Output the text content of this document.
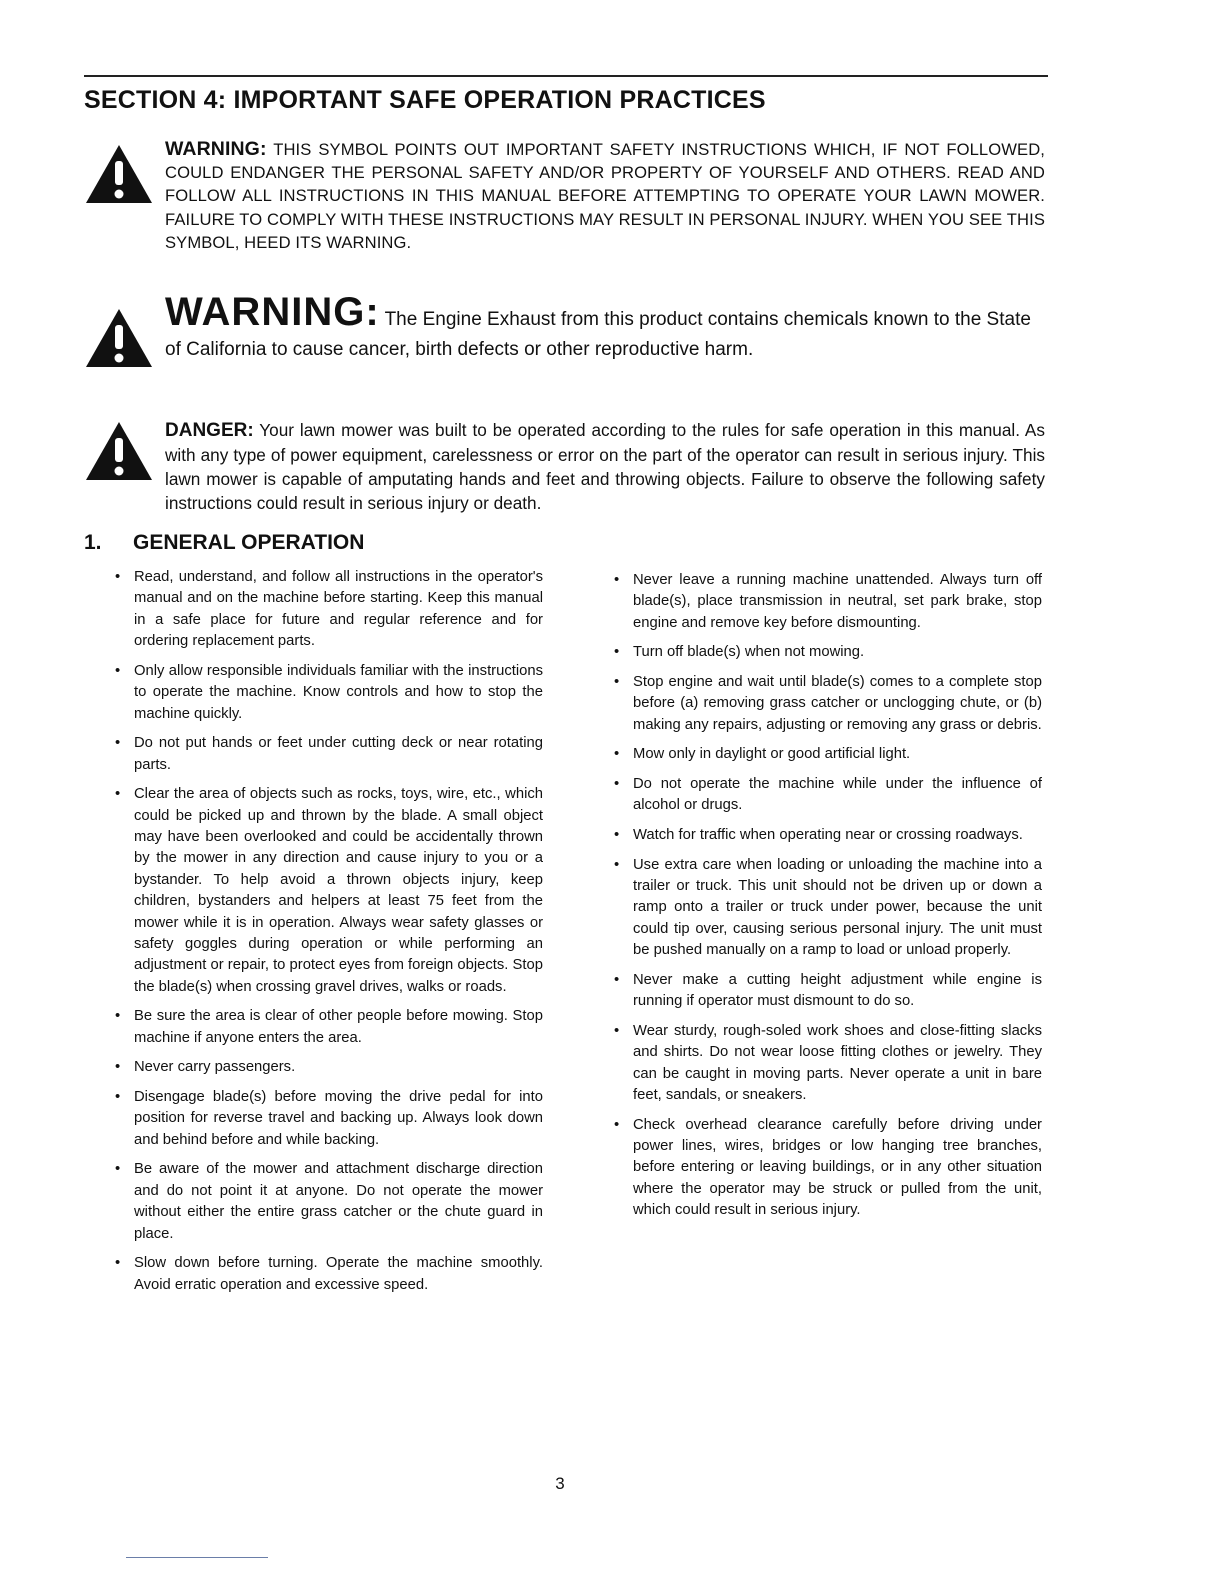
SECTION 4: IMPORTANT SAFE OPERATION PRACTICES

WARNING: THIS SYMBOL POINTS OUT IMPORTANT SAFETY INSTRUCTIONS WHICH, IF NOT FOLLOWED, COULD ENDANGER THE PERSONAL SAFETY AND/OR PROPERTY OF YOURSELF AND OTHERS. READ AND FOLLOW ALL INSTRUCTIONS IN THIS MANUAL BEFORE ATTEMPTING TO OPERATE YOUR LAWN MOWER. FAILURE TO COMPLY WITH THESE INSTRUCTIONS MAY RESULT IN PERSONAL INJURY. WHEN YOU SEE THIS SYMBOL, HEED ITS WARNING.

WARNING: The Engine Exhaust from this product contains chemicals known to the State of California to cause cancer, birth defects or other reproductive harm.

DANGER: Your lawn mower was built to be operated according to the rules for safe operation in this manual. As with any type of power equipment, carelessness or error on the part of the operator can result in serious injury. This lawn mower is capable of amputating hands and feet and throwing objects. Failure to observe the following safety instructions could result in serious injury or death.

1. GENERAL OPERATION
• Read, understand, and follow all instructions in the operator's manual and on the machine before starting. Keep this manual in a safe place for future and regular reference and for ordering replacement parts.
• Only allow responsible individuals familiar with the instructions to operate the machine. Know controls and how to stop the machine quickly.
• Do not put hands or feet under cutting deck or near rotating parts.
• Clear the area of objects such as rocks, toys, wire, etc., which could be picked up and thrown by the blade. A small object may have been overlooked and could be accidentally thrown by the mower in any direction and cause injury to you or a bystander. To help avoid a thrown objects injury, keep children, bystanders and helpers at least 75 feet from the mower while it is in operation. Always wear safety glasses or safety goggles during operation or while performing an adjustment or repair, to protect eyes from foreign objects. Stop the blade(s) when crossing gravel drives, walks or roads.
• Be sure the area is clear of other people before mowing. Stop machine if anyone enters the area.
• Never carry passengers.
• Disengage blade(s) before moving the drive pedal for into position for reverse travel and backing up. Always look down and behind before and while backing.
• Be aware of the mower and attachment discharge direction and do not point it at anyone. Do not operate the mower without either the entire grass catcher or the chute guard in place.
• Slow down before turning. Operate the machine smoothly. Avoid erratic operation and excessive speed.
• Never leave a running machine unattended. Always turn off blade(s), place transmission in neutral, set park brake, stop engine and remove key before dismounting.
• Turn off blade(s) when not mowing.
• Stop engine and wait until blade(s) comes to a complete stop before (a) removing grass catcher or unclogging chute, or (b) making any repairs, adjusting or removing any grass or debris.
• Mow only in daylight or good artificial light.
• Do not operate the machine while under the influence of alcohol or drugs.
• Watch for traffic when operating near or crossing roadways.
• Use extra care when loading or unloading the machine into a trailer or truck. This unit should not be driven up or down a ramp onto a trailer or truck under power, because the unit could tip over, causing serious personal injury. The unit must be pushed manually on a ramp to load or unload properly.
• Never make a cutting height adjustment while engine is running if operator must dismount to do so.
• Wear sturdy, rough-soled work shoes and close-fitting slacks and shirts. Do not wear loose fitting clothes or jewelry. They can be caught in moving parts. Never operate a unit in bare feet, sandals, or sneakers.
• Check overhead clearance carefully before driving under power lines, wires, bridges or low hanging tree branches, before entering or leaving buildings, or in any other situation where the operator may be struck or pulled from the unit, which could result in serious injury.
3
